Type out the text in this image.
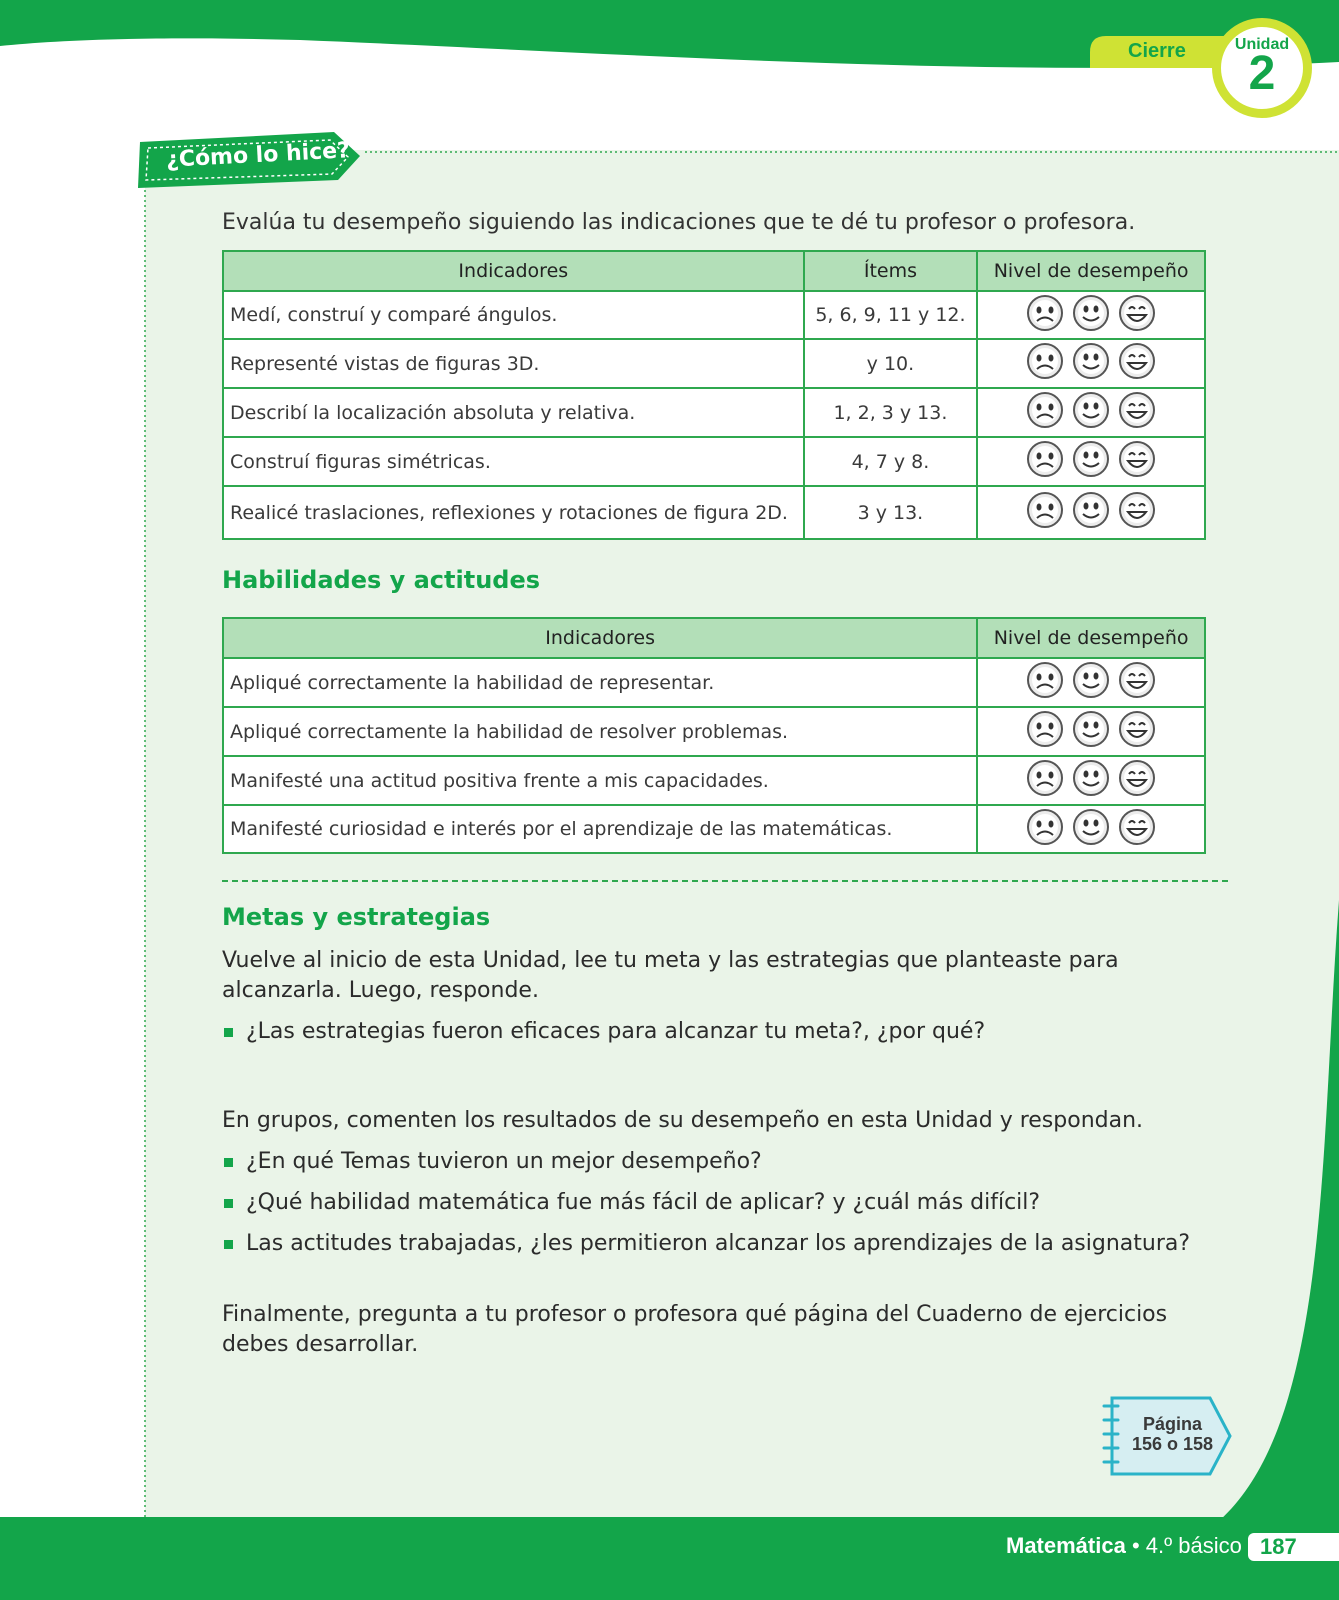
Cierre	Unidad
2
¿Cómo lo hice?

Evalúa tu desempeño siguiendo las indicaciones que te dé tu profesor o profesora.

Indicadores	Ítems	Nivel de desempeño
Medí, construí y comparé ángulos.	5, 6, 9, 11 y 12.	

Representé vistas de figuras 3D.	y 10.	

Describí la localización absoluta y relativa.	1, 2, 3 y 13.	

Construí figuras simétricas.	4, 7 y 8.	

Realicé traslaciones, reflexiones y rotaciones de figura 2D.	3 y 13.	
Habilidades y actitudes
Indicadores	Nivel de desempeño
Apliqué correctamente la habilidad de representar.	

Apliqué correctamente la habilidad de resolver problemas.	

Manifesté una actitud positiva frente a mis capacidades.	

Manifesté curiosidad e interés por el aprendizaje de las matemáticas.	
Metas y estrategias

Vuelve al inicio de esta Unidad, lee tu meta y las estrategias que planteaste para alcanzarla. Luego, responde.

¿Las estrategias fueron eficaces para alcanzar tu meta?, ¿por qué?

En grupos, comenten los resultados de su desempeño en esta Unidad y respondan.

¿En qué Temas tuvieron un mejor desempeño?
¿Qué habilidad matemática fue más fácil de aplicar? y ¿cuál más difícil?
Las actitudes trabajadas, ¿les permitieron alcanzar los aprendizajes de la asignatura?

Finalmente, pregunta a tu profesor o profesora qué página del Cuaderno de ejercicios debes desarrollar.

Página
156 o 158
Matemática • 4.º básico 187
